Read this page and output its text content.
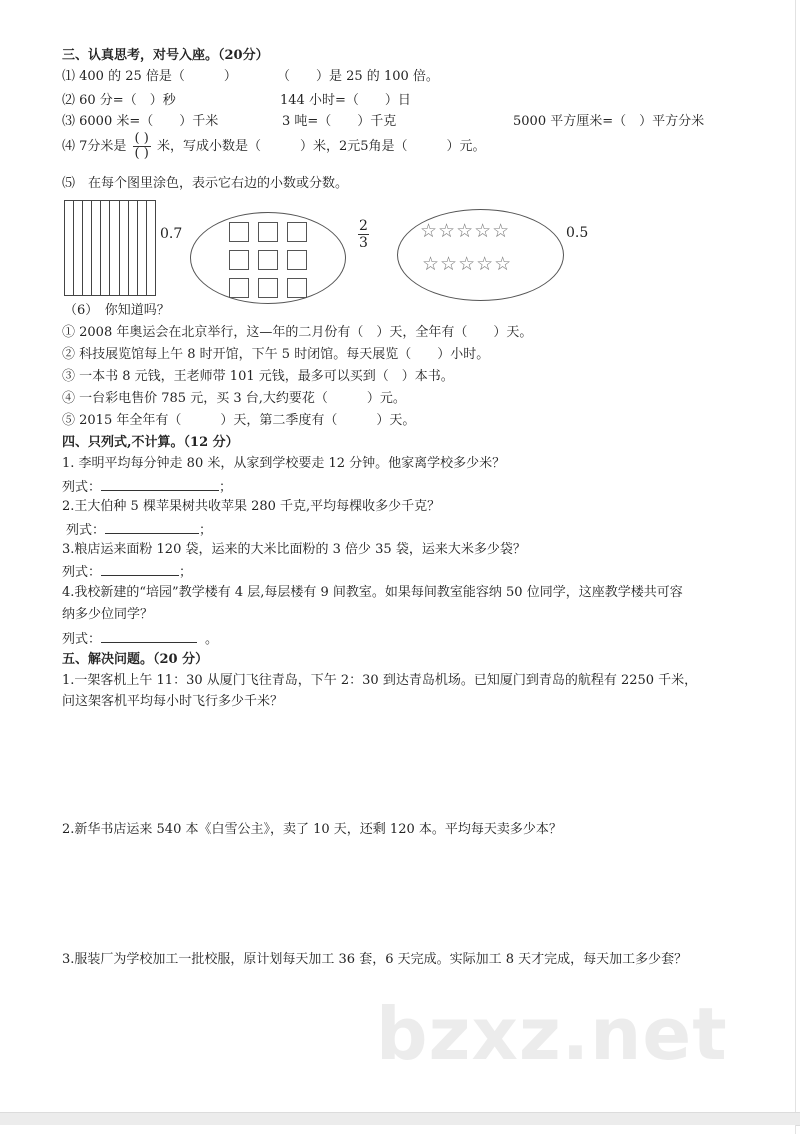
三、认真思考，对号入座。（20分）
⑴ 400 的 25 倍是（　　　）	（　　）是 25 的 100 倍。
⑵ 60 分=（　）秒	144 小时=（　　）日
⑶ 6000 米=（　　）千米	3 吨=（　　）千克	5000 平方厘米=（　）平方分米
⑷ 7分米是 $\frac{( )}{( )}$ 米，写成小数是（　　　）米，2元5角是（　　　）元。
⑸　在每个图里涂色，表示它右边的小数或分数。
0.7	$\frac{2}{3}$	☆☆☆☆☆
☆☆☆☆☆
0.5
（6）　你知道吗？
① 2008 年奥运会在北京举行，这—年的二月份有（　）天，全年有（　　）天。
② 科技展览馆每上午 8 时开馆，下午 5 时闭馆。每天展览（　　）小时。
③ 一本书 8 元钱，王老师带 101 元钱，最多可以买到（　）本书。
④ 一台彩电售价 785 元，买 3 台,大约要花（　　　）元。
⑤ 2015 年全年有（　　　）天，第二季度有（　　　）天。
四、只列式,不计算。（12 分）
1. 李明平均每分钟走 80 米，从家到学校要走 12 分钟。他家离学校多少米？
列式：	；
2.王大伯种 5 棵苹果树共收苹果 280 千克,平均每棵收多少千克？
列式：	；
3.粮店运来面粉 120 袋，运来的大米比面粉的 3 倍少 35 袋，运来大米多少袋？
列式：	；
4.我校新建的“培园”教学楼有 4 层,每层楼有 9 间教室。如果每间教室能容纳 50 位同学，这座教学楼共可容
纳多少位同学？
列式：	。
五、解决问题。（20 分）
1.一架客机上午 11：30 从厦门飞往青岛，下午 2：30 到达青岛机场。已知厦门到青岛的航程有 2250 千米，
问这架客机平均每小时飞行多少千米？
2.新华书店运来 540 本《白雪公主》，卖了 10 天，还剩 120 本。平均每天卖多少本？
3.服装厂为学校加工一批校服，原计划每天加工 36 套，6 天完成。实际加工 8 天才完成，每天加工多少套？
bzxz.net
